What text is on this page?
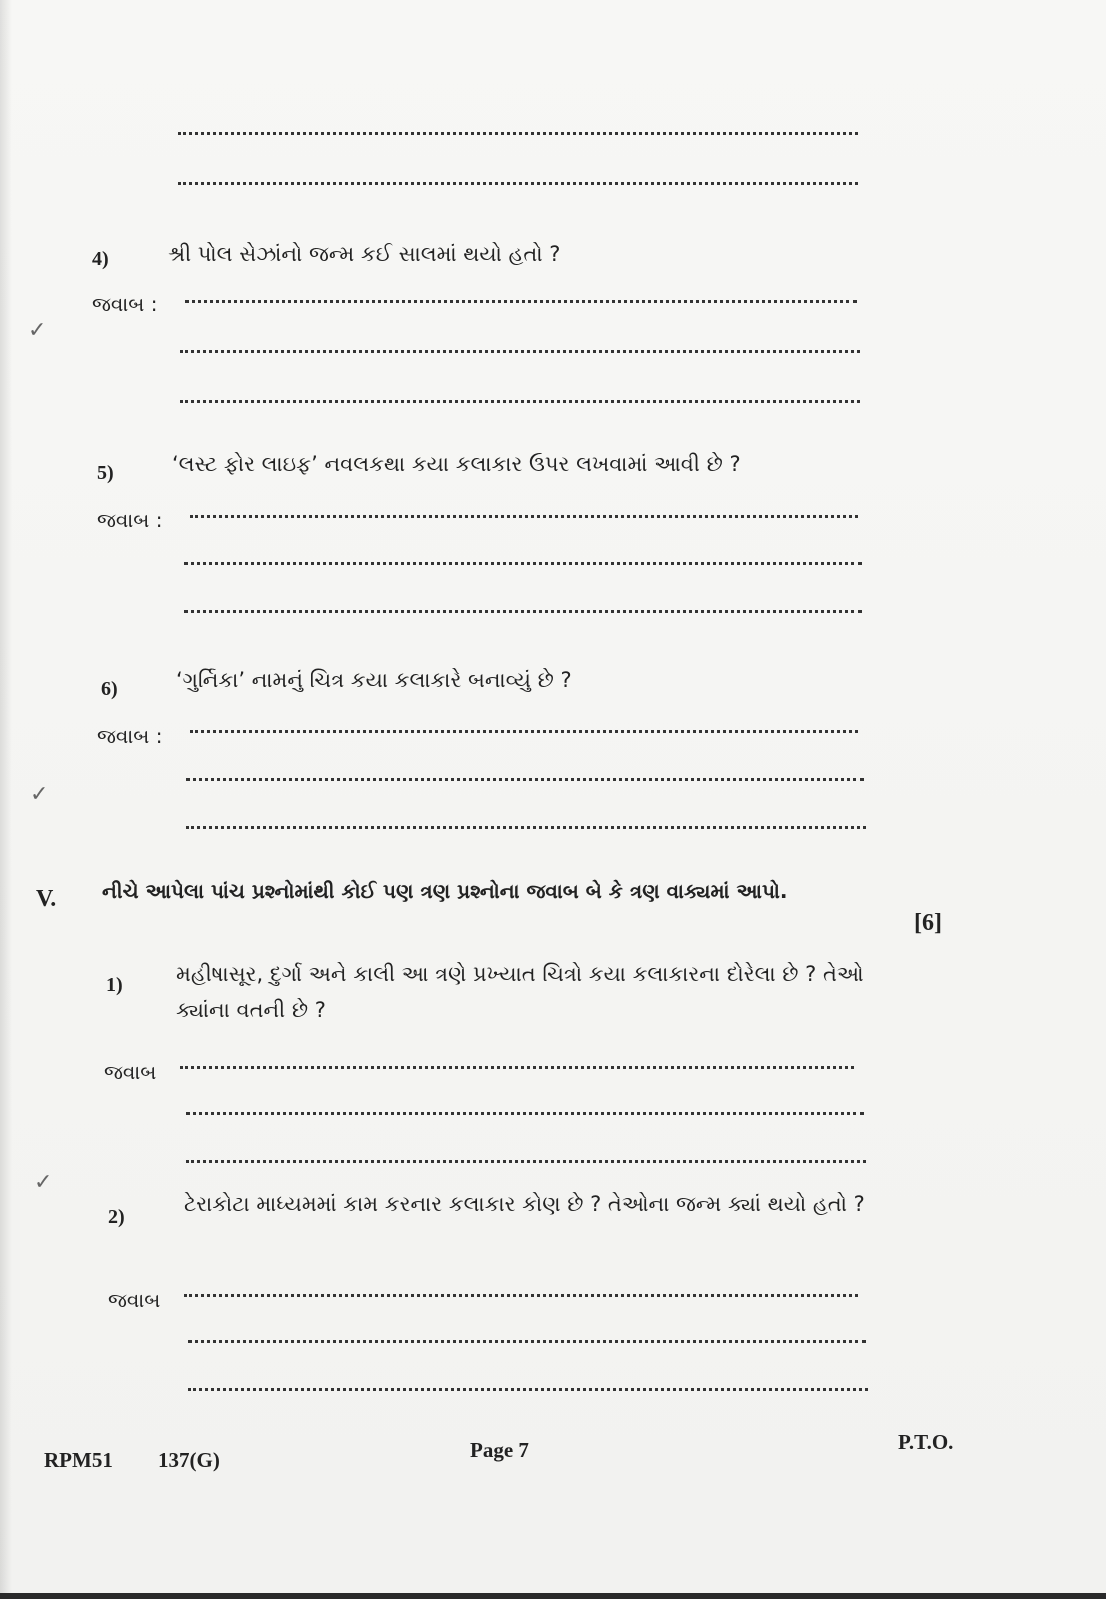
4)	શ્રી પોલ સેઝાંનો જન્મ કઈ સાલમાં થયો હતો ?
જવાબ :
✓
5)	‘લસ્ટ ફોર લાઇફ’ નવલકથા કયા કલાકાર ઉપર લખવામાં આવી છે ?
જવાબ :
6)	‘ગુર્નિકા’ નામનું ચિત્ર કયા કલાકારે બનાવ્યું છે ?
જવાબ :
✓
V. નીચે આપેલા પાંચ પ્રશ્નોમાંથી કોઈ પણ ત્રણ પ્રશ્નોના જવાબ બે કે ત્રણ વાક્યમાં આપો.
[6]
1)	મહીષાસૂર, દુર્ગા અને કાલી આ ત્રણે પ્રખ્યાત ચિત્રો કયા કલાકારના દોરેલા છે ? તેઓ ક્યાંના વતની છે ?
જવાબ
✓
2)
ટેરાકોટા માધ્યમમાં કામ કરનાર કલાકાર કોણ છે ? તેઓના જન્મ ક્યાં થયો હતો ?
જવાબ
RPM51 137(G)	Page 7	P.T.O.
